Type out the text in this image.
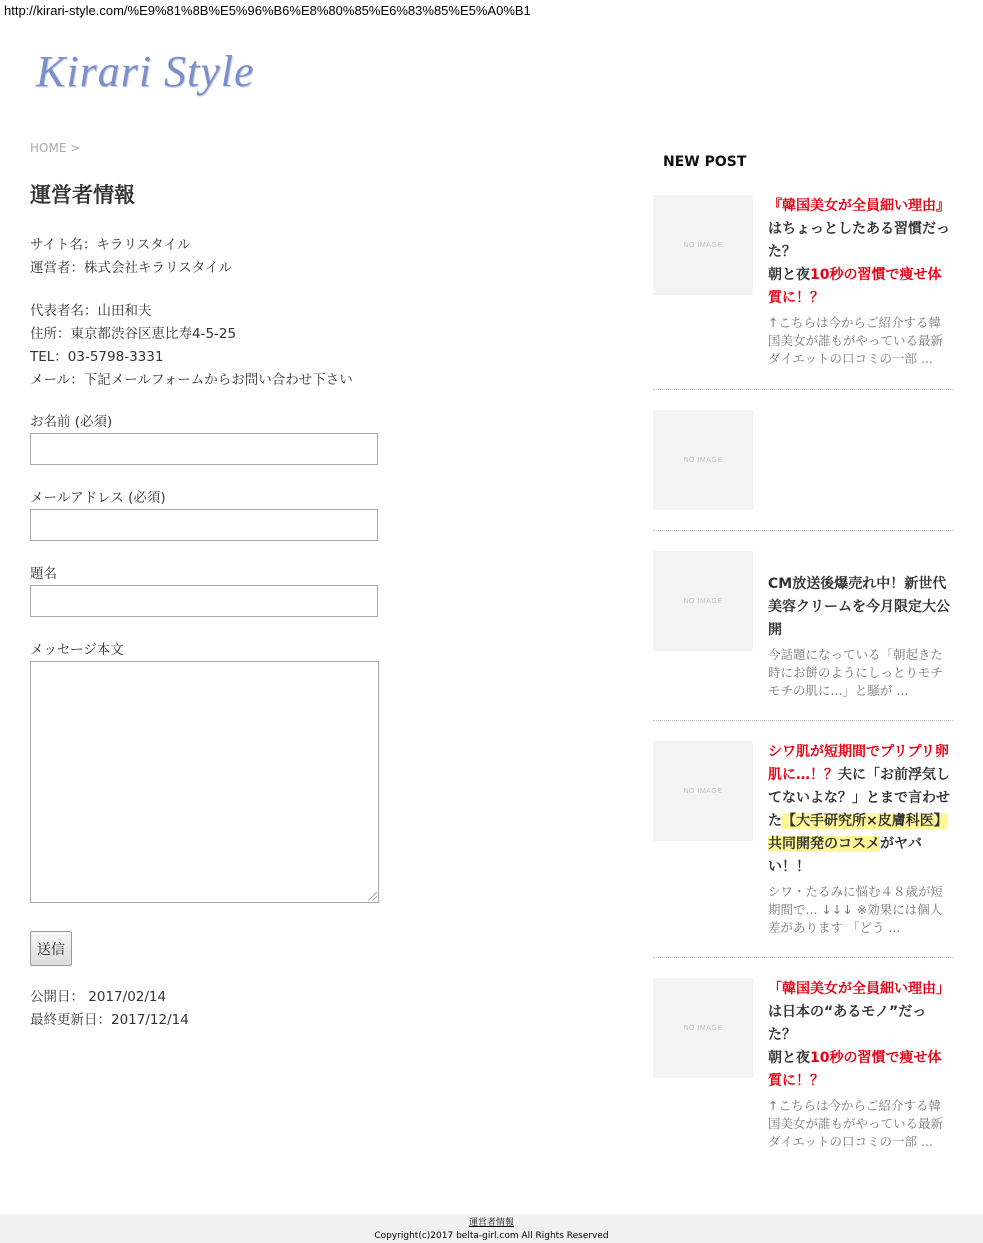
http://kirari-style.com/%E9%81%8B%E5%96%B6%E8%80%85%E6%83%85%E5%A0%B1
Kirari Style
HOME >
運営者情報

サイト名：キラリスタイル

運営者：株式会社キラリスタイル

代表者名：山田和夫

住所：東京都渋谷区恵比寿4-5-25

TEL：03-5798-3331

メール：下記メールフォームからお問い合わせ下さい

お名前 (必須)
メールアドレス (必須)
題名
メッセージ本文
送信

公開日： 2017/02/14

最終更新日：2017/12/14

NEW POST
NO IMAGE
『韓国美女が全員細い理由』はちょっとしたある習慣だった？
朝と夜10秒の習慣で痩せ体質に！？
↑こちらは今からご紹介する韓国美女が誰もがやっている最新ダイエットの口コミの一部 ...
NO IMAGE
NO IMAGE
CM放送後爆売れ中！新世代美容クリームを今月限定大公開
今話題になっている「朝起きた時にお餅のようにしっとりモチモチの肌に...」と騒が ...
NO IMAGE
シワ肌が短期間でプリプリ卵肌に…！？夫に「お前浮気してないよな？」とまで言わせた【大手研究所×皮膚科医】共同開発のコスメがヤバい！！
シワ・たるみに悩む４８歳が短期間で... ↓↓↓ ※効果には個人差があります 「どう ...
NO IMAGE
「韓国美女が全員細い理由」は日本の“あるモノ”だった？
朝と夜10秒の習慣で痩せ体質に！？
↑こちらは今からご紹介する韓国美女が誰もがやっている最新ダイエットの口コミの一部 ...
運営者情報
Copyright(c)2017 belta-girl.com All Rights Reserved
